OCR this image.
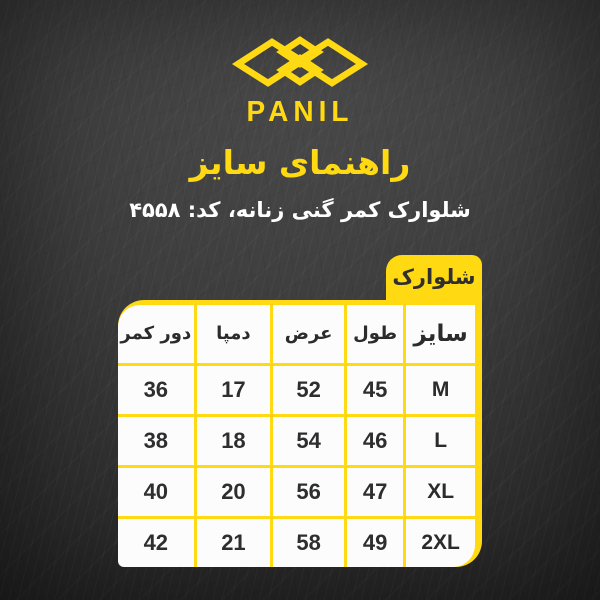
PANIL
راهنمای سایز
شلوارک کمر گنی زنانه، کد: ۴۵۵۸
شلوارک
سایز
طول
عرض
دمپا
دور کمر
M
45
52
17
36
L
46
54
18
38
XL
47
56
20
40
2XL
49
58
21
42
